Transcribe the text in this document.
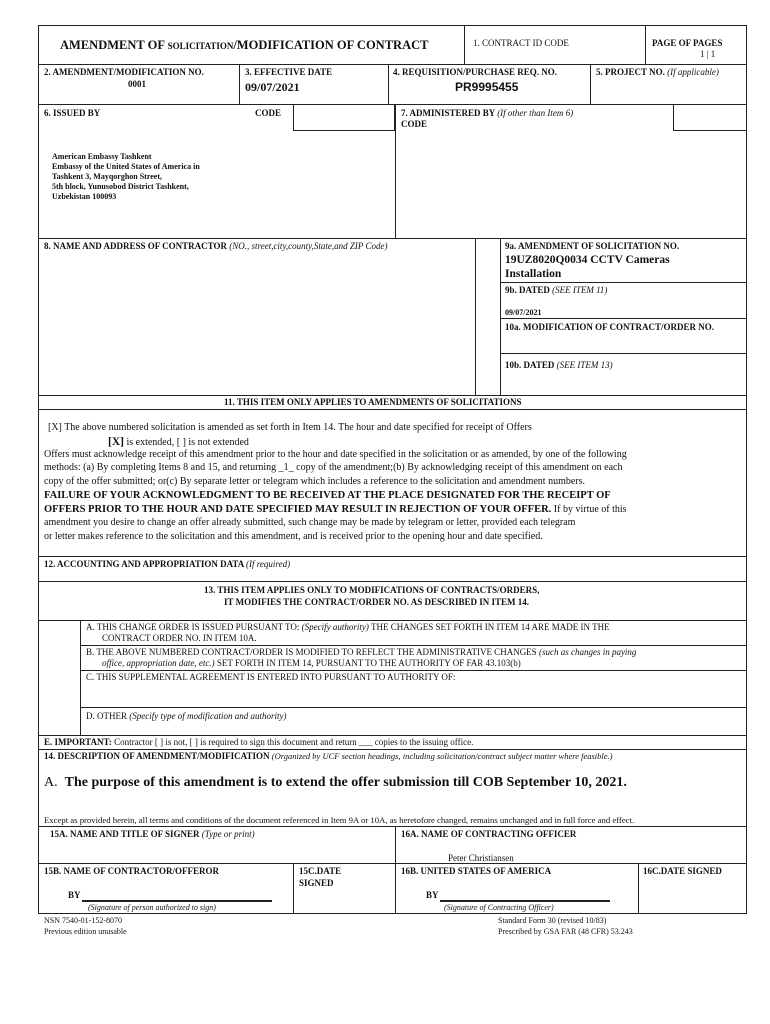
AMENDMENT OF SOLICITATION/MODIFICATION OF CONTRACT	1. CONTRACT ID CODE	PAGE OF PAGES
1 | 1
2. AMENDMENT/MODIFICATION NO.
0001
3. EFFECTIVE DATE
09/07/2021
4. REQUISITION/PURCHASE REQ. NO.
PR9995455
5. PROJECT NO. (If applicable)
6. ISSUED BY	CODE	7. ADMINISTERED BY (If other than Item 6)
CODE
American Embassy Tashkent
Embassy of the United States of America in
Tashkent 3, Mayqorghon Street,
5th block, Yunusobod District Tashkent,
Uzbekistan 100093
8. NAME AND ADDRESS OF CONTRACTOR (NO., street,city,county,State,and ZIP Code)	9a. AMENDMENT OF SOLICITATION NO.
19UZ8020Q0034 CCTV Cameras
Installation
9b. DATED (SEE ITEM 11)
09/07/2021
10a. MODIFICATION OF CONTRACT/ORDER NO.
10b. DATED (SEE ITEM 13)
11. THIS ITEM ONLY APPLIES TO AMENDMENTS OF SOLICITATIONS
[X] The above numbered solicitation is amended as set forth in Item 14. The hour and date specified for receipt of Offers
[X] is extended, [ ] is not extended
Offers must acknowledge receipt of this amendment prior to the hour and date specified in the solicitation or as amended, by one of the following
methods: (a) By completing Items 8 and 15, and returning _1_ copy of the amendment;(b) By acknowledging receipt of this amendment on each
copy of the offer submitted; or(c) By separate letter or telegram which includes a reference to the solicitation and amendment numbers.
FAILURE OF YOUR ACKNOWLEDGMENT TO BE RECEIVED AT THE PLACE DESIGNATED FOR THE RECEIPT OF
OFFERS PRIOR TO THE HOUR AND DATE SPECIFIED MAY RESULT IN REJECTION OF YOUR OFFER. If by virtue of this
amendment you desire to change an offer already submitted, such change may be made by telegram or letter, provided each telegram
or letter makes reference to the solicitation and this amendment, and is received prior to the opening hour and date specified.
12. ACCOUNTING AND APPROPRIATION DATA (If required)
13. THIS ITEM APPLIES ONLY TO MODIFICATIONS OF CONTRACTS/ORDERS,
IT MODIFIES THE CONTRACT/ORDER NO. AS DESCRIBED IN ITEM 14.
A. THIS CHANGE ORDER IS ISSUED PURSUANT TO: (Specify authority) THE CHANGES SET FORTH IN ITEM 14 ARE MADE IN THE
CONTRACT ORDER NO. IN ITEM 10A.
B. THE ABOVE NUMBERED CONTRACT/ORDER IS MODIFIED TO REFLECT THE ADMINISTRATIVE CHANGES (such as changes in paying
office, appropriation date, etc.) SET FORTH IN ITEM 14, PURSUANT TO THE AUTHORITY OF FAR 43.103(b)
C. THIS SUPPLEMENTAL AGREEMENT IS ENTERED INTO PURSUANT TO AUTHORITY OF:
D. OTHER (Specify type of modification and authority)
E. IMPORTANT: Contractor [ ] is not, [ ] is required to sign this document and return ___ copies to the issuing office.
14. DESCRIPTION OF AMENDMENT/MODIFICATION (Organized by UCF section headings, including solicitation/contract subject matter where feasible.)
A. The purpose of this amendment is to extend the offer submission till COB September 10, 2021.
Except as provided herein, all terms and conditions of the document referenced in Item 9A or 10A, as heretofore changed, remains unchanged and in full force and effect.
15A. NAME AND TITLE OF SIGNER (Type or print)	16A. NAME OF CONTRACTING OFFICER
Peter Christiansen
15B. NAME OF CONTRACTOR/OFFEROR	15C.DATE
SIGNED
16B. UNITED STATES OF AMERICA	16C.DATE SIGNED
BY
(Signature of person authorized to sign)
BY
(Signature of Contracting Officer)
NSN 7540-01-152-8070
Previous edition unusable
Standard Form 30 (revised 10/83)
Prescribed by GSA FAR (48 CFR) 53.243
